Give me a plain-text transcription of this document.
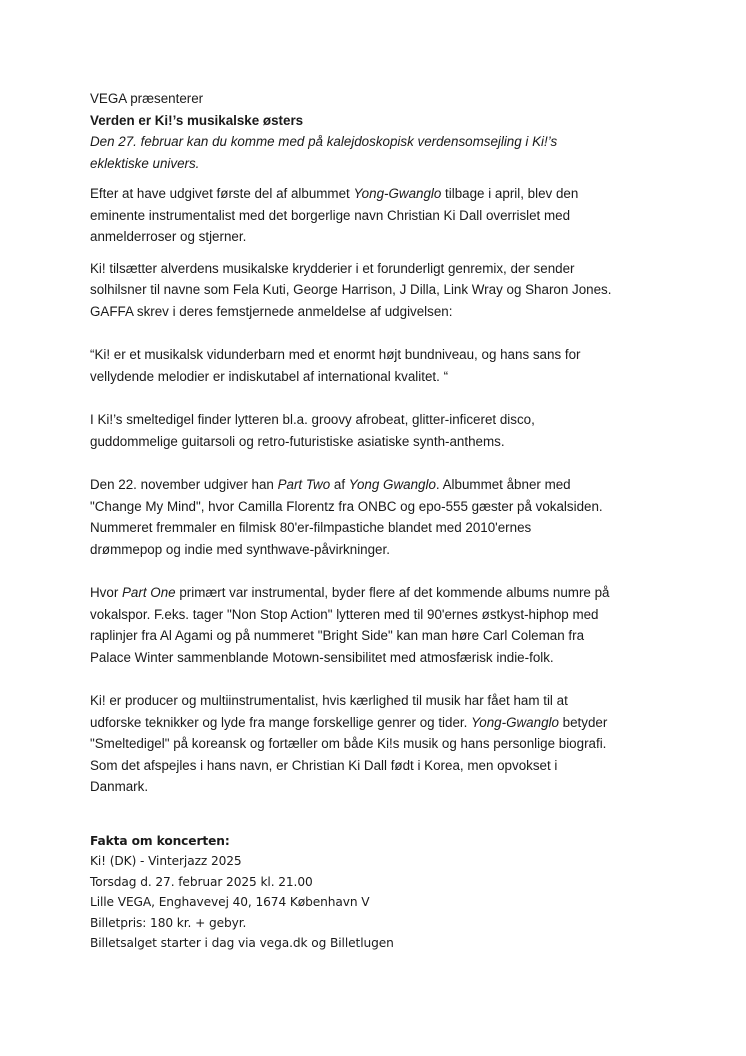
VEGA præsenterer
Verden er Ki!’s musikalske østers
Den 27. februar kan du komme med på kalejdoskopisk verdensomsejling i Ki!’s
eklektiske univers.
Efter at have udgivet første del af albummet Yong-Gwanglo tilbage i april, blev den
eminente instrumentalist med det borgerlige navn Christian Ki Dall overrislet med
anmelderroser og stjerner.
Ki! tilsætter alverdens musikalske krydderier i et forunderligt genremix, der sender
solhilsner til navne som Fela Kuti, George Harrison, J Dilla, Link Wray og Sharon Jones.
GAFFA skrev i deres femstjernede anmeldelse af udgivelsen:
“Ki! er et musikalsk vidunderbarn med et enormt højt bundniveau, og hans sans for
vellydende melodier er indiskutabel af international kvalitet. “
I Ki!’s smeltedigel finder lytteren bl.a. groovy afrobeat, glitter-inficeret disco,
guddommelige guitarsoli og retro-futuristiske asiatiske synth-anthems.
Den 22. november udgiver han Part Two af Yong Gwanglo. Albummet åbner med
"Change My Mind", hvor Camilla Florentz fra ONBC og epo-555 gæster på vokalsiden.
Nummeret fremmaler en filmisk 80'er-filmpastiche blandet med 2010'ernes
drømmepop og indie med synthwave-påvirkninger.
Hvor Part One primært var instrumental, byder flere af det kommende albums numre på
vokalspor. F.eks. tager "Non Stop Action" lytteren med til 90'ernes østkyst-hiphop med
raplinjer fra Al Agami og på nummeret "Bright Side" kan man høre Carl Coleman fra
Palace Winter sammenblande Motown-sensibilitet med atmosfærisk indie-folk.
Ki! er producer og multiinstrumentalist, hvis kærlighed til musik har fået ham til at
udforske teknikker og lyde fra mange forskellige genrer og tider. Yong-Gwanglo betyder
"Smeltedigel" på koreansk og fortæller om både Ki!s musik og hans personlige biografi.
Som det afspejles i hans navn, er Christian Ki Dall født i Korea, men opvokset i
Danmark.
Fakta om koncerten:
Ki! (DK) - Vinterjazz 2025
Torsdag d. 27. februar 2025 kl. 21.00
Lille VEGA, Enghavevej 40, 1674 København V
Billetpris: 180 kr. + gebyr.
Billetsalget starter i dag via vega.dk og Billetlugen
